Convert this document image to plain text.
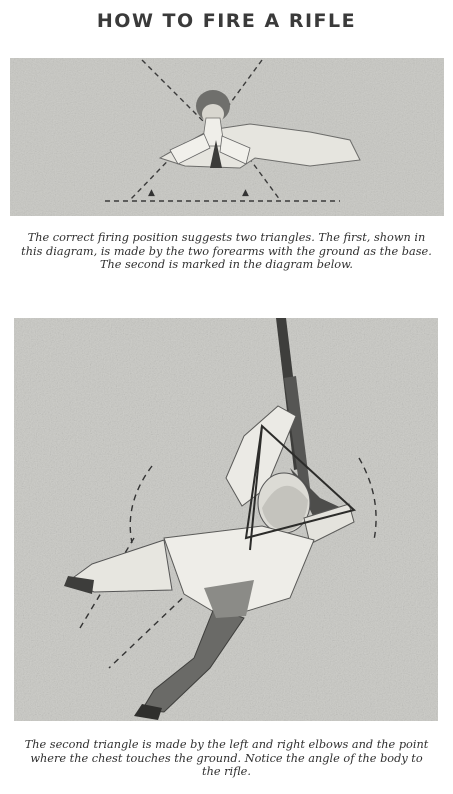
HOW TO FIRE A RIFLE
▲	▲
The correct firing position suggests two triangles. The first, shown in this diagram, is made by the two forearms with the ground as the base. The second is marked in the diagram below.
The second triangle is made by the left and right elbows and the point where the chest touches the ground. Notice the angle of the body to the rifle.
